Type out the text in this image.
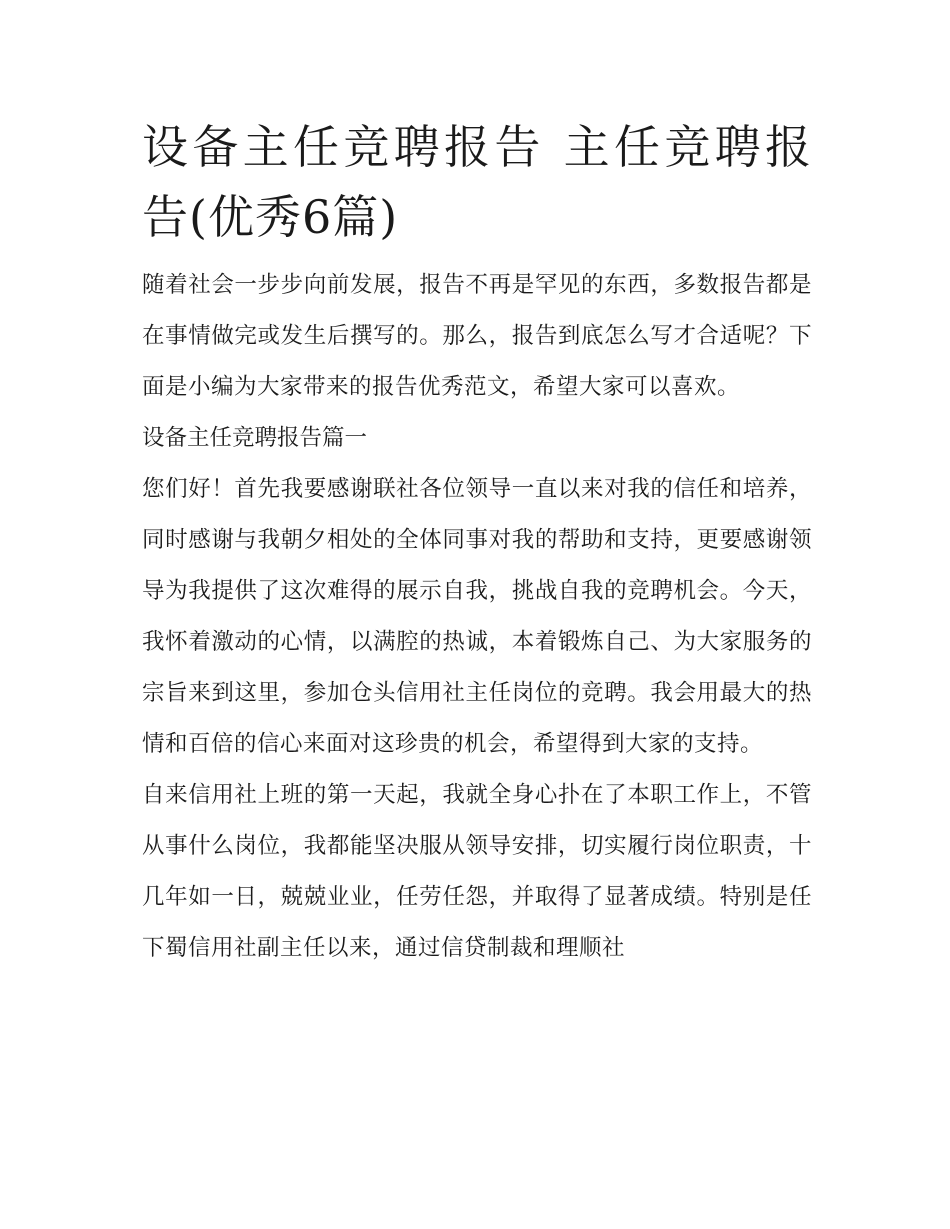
设备主任竞聘报告 主任竞聘报告(优秀6篇)

随着社会一步步向前发展，报告不再是罕见的东西，多数报告都是在事情做完或发生后撰写的。那么，报告到底怎么写才合适呢？下面是小编为大家带来的报告优秀范文，希望大家可以喜欢。

设备主任竞聘报告篇一

您们好！首先我要感谢联社各位领导一直以来对我的信任和培养，同时感谢与我朝夕相处的全体同事对我的帮助和支持，更要感谢领导为我提供了这次难得的展示自我，挑战自我的竞聘机会。今天，我怀着激动的心情，以满腔的热诚，本着锻炼自己、为大家服务的宗旨来到这里，参加仓头信用社主任岗位的竞聘。我会用最大的热情和百倍的信心来面对这珍贵的机会，希望得到大家的支持。

自来信用社上班的第一天起，我就全身心扑在了本职工作上，不管从事什么岗位，我都能坚决服从领导安排，切实履行岗位职责，十几年如一日，兢兢业业，任劳任怨，并取得了显著成绩。特别是任下蜀信用社副主任以来，通过信贷制裁和理顺社
